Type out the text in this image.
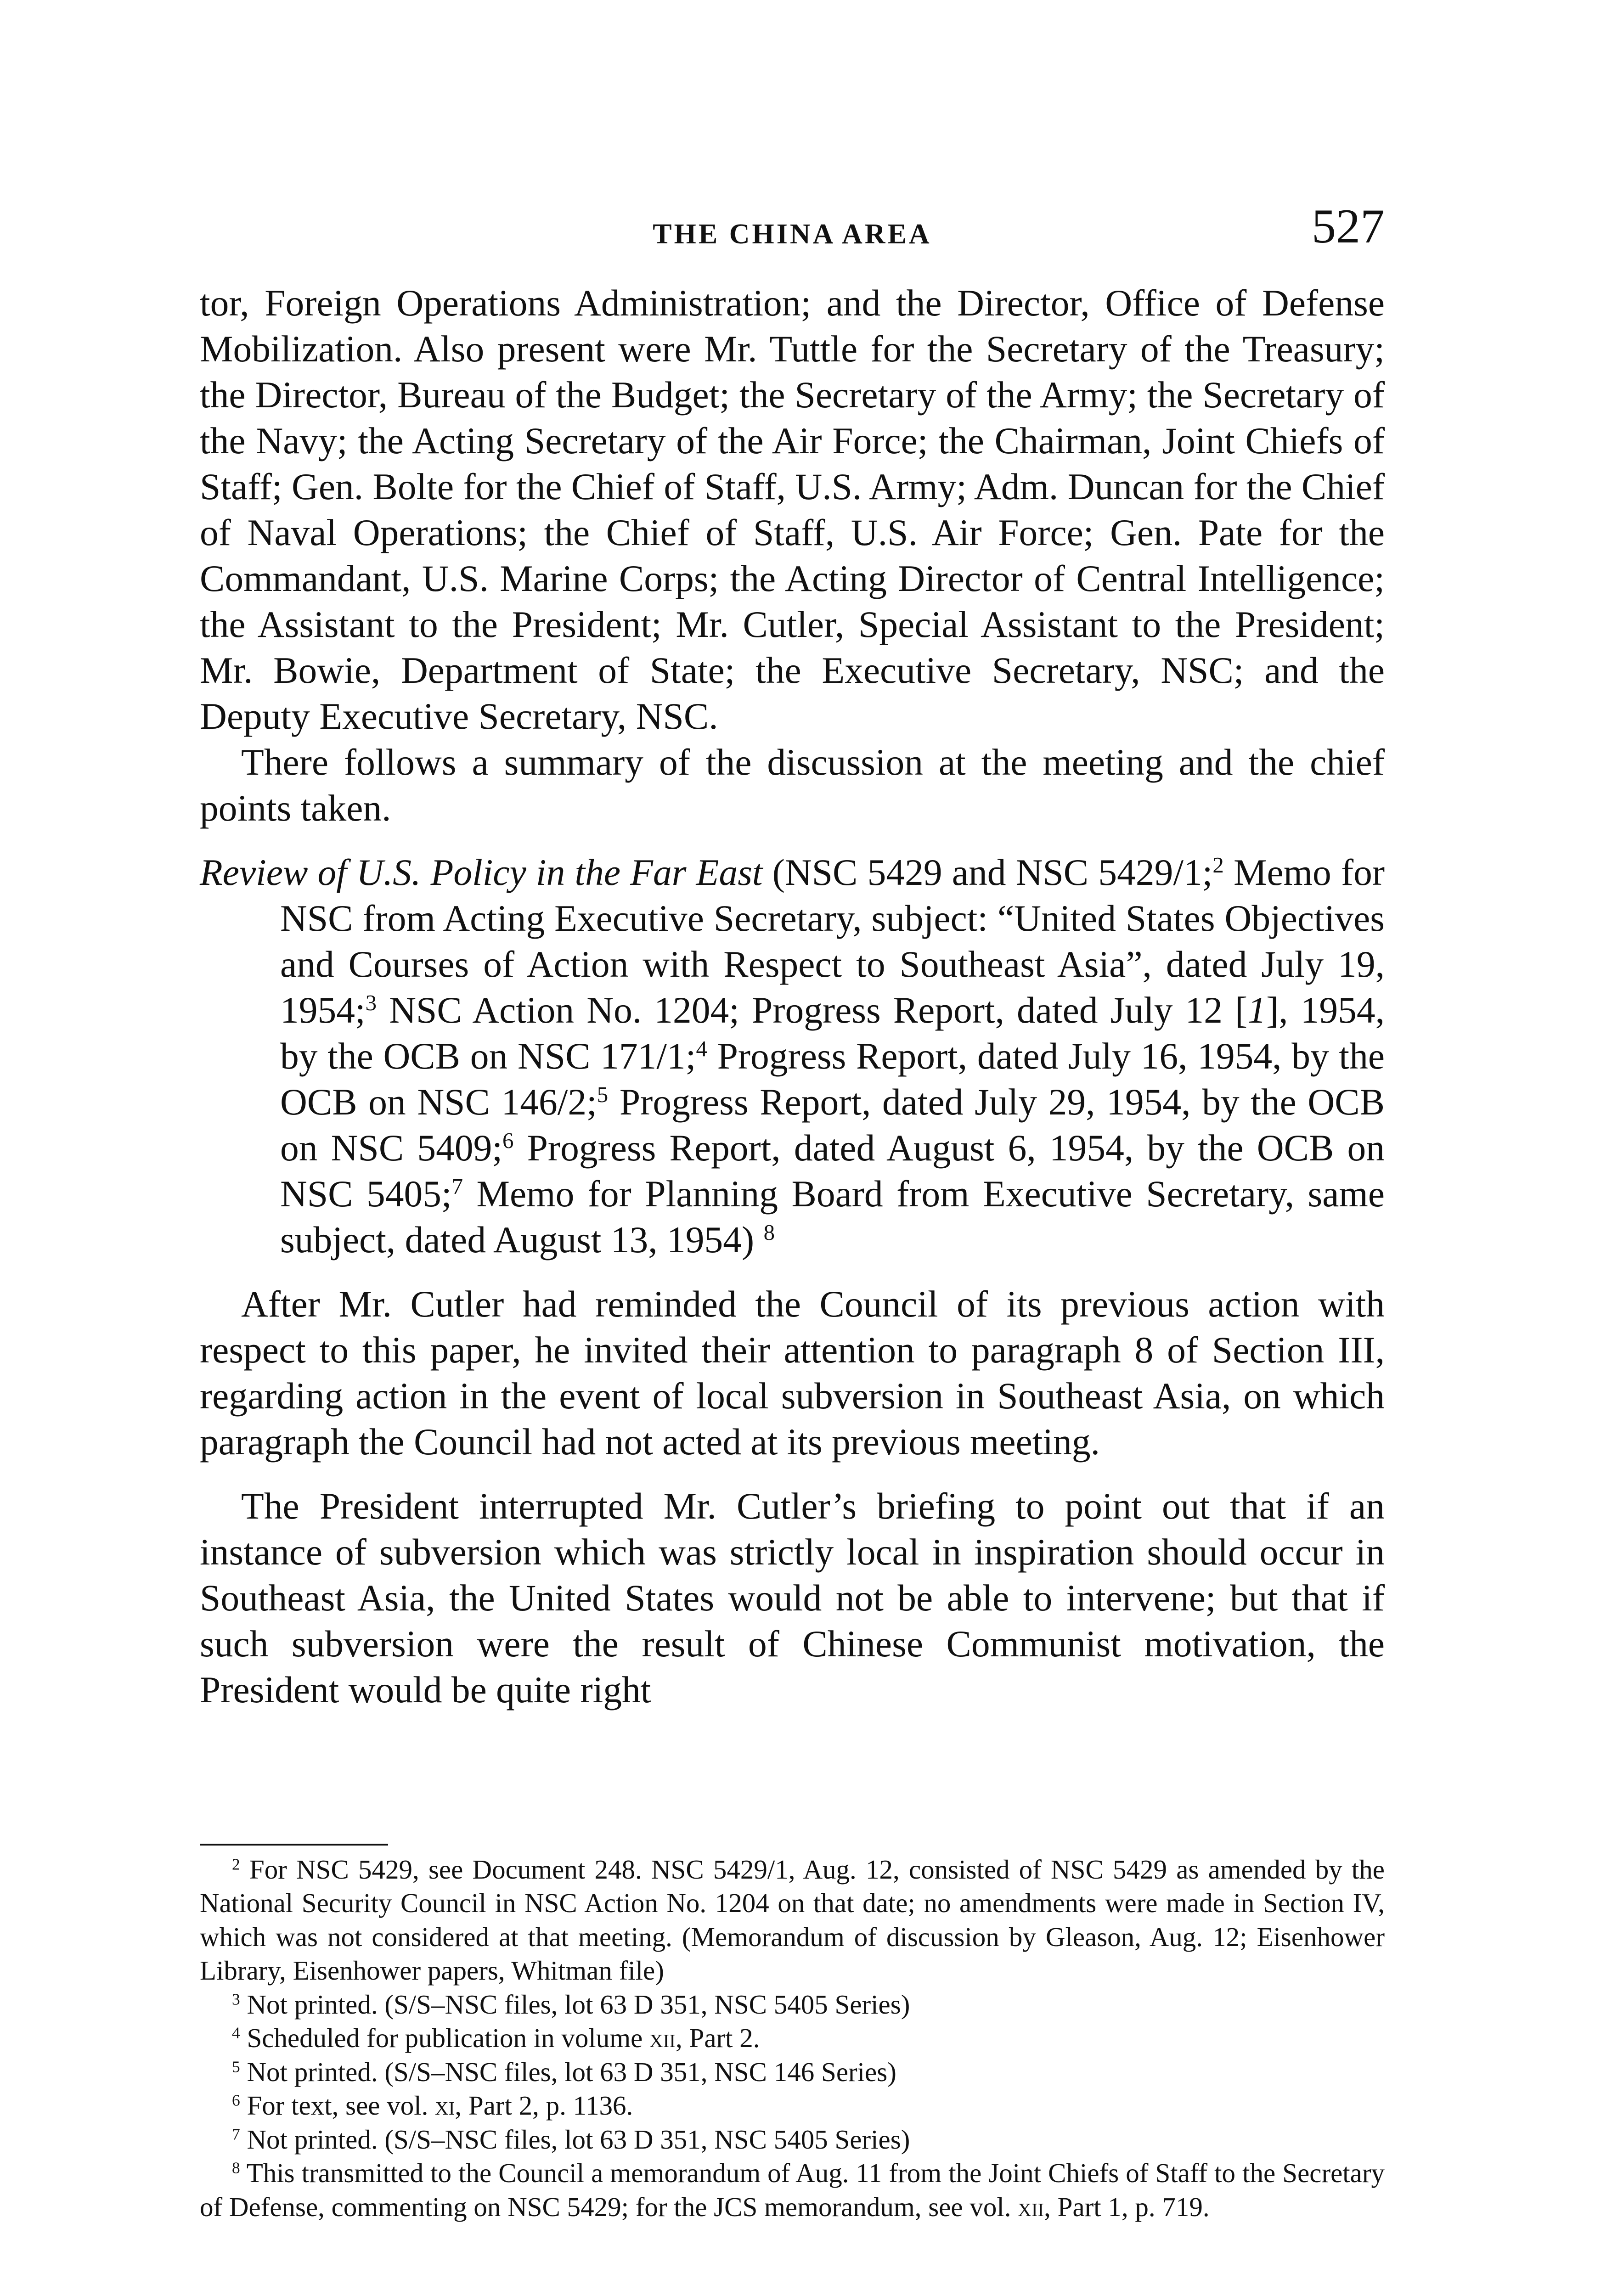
THE CHINA AREA	527

tor, Foreign Operations Administration; and the Director, Office of Defense Mobilization. Also present were Mr. Tuttle for the Secretary of the Treasury; the Director, Bureau of the Budget; the Secretary of the Army; the Secretary of the Navy; the Acting Secretary of the Air Force; the Chairman, Joint Chiefs of Staff; Gen. Bolte for the Chief of Staff, U.S. Army; Adm. Duncan for the Chief of Naval Operations; the Chief of Staff, U.S. Air Force; Gen. Pate for the Commandant, U.S. Marine Corps; the Acting Director of Central Intelligence; the Assistant to the President; Mr. Cutler, Special Assistant to the President; Mr. Bowie, Department of State; the Executive Secretary, NSC; and the Deputy Executive Secretary, NSC.

There follows a summary of the discussion at the meeting and the chief points taken.

Review of U.S. Policy in the Far East (NSC 5429 and NSC 5429/1;$^2$ Memo for NSC from Acting Executive Secretary, subject: “United States Objectives and Courses of Action with Respect to Southeast Asia”, dated July 19, 1954;$^3$ NSC Action No. 1204; Progress Report, dated July 12 [1], 1954, by the OCB on NSC 171/1;$^4$ Progress Report, dated July 16, 1954, by the OCB on NSC 146/2;$^5$ Progress Report, dated July 29, 1954, by the OCB on NSC 5409;$^6$ Progress Report, dated August 6, 1954, by the OCB on NSC 5405;$^7$ Memo for Planning Board from Executive Secretary, same subject, dated August 13, 1954) $^8$

After Mr. Cutler had reminded the Council of its previous action with respect to this paper, he invited their attention to paragraph 8 of Section III, regarding action in the event of local subversion in Southeast Asia, on which paragraph the Council had not acted at its previous meeting.

The President interrupted Mr. Cutler’s briefing to point out that if an instance of subversion which was strictly local in inspiration should occur in Southeast Asia, the United States would not be able to intervene; but that if such subversion were the result of Chinese Communist motivation, the President would be quite right

$^2$ For NSC 5429, see Document 248. NSC 5429/1, Aug. 12, consisted of NSC 5429 as amended by the National Security Council in NSC Action No. 1204 on that date; no amendments were made in Section IV, which was not considered at that meeting. (Memorandum of discussion by Gleason, Aug. 12; Eisenhower Library, Eisenhower papers, Whitman file)

$^3$ Not printed. (S/S–NSC files, lot 63 D 351, NSC 5405 Series)

$^4$ Scheduled for publication in volume xii, Part 2.

$^5$ Not printed. (S/S–NSC files, lot 63 D 351, NSC 146 Series)

$^6$ For text, see vol. xi, Part 2, p. 1136.

$^7$ Not printed. (S/S–NSC files, lot 63 D 351, NSC 5405 Series)

$^8$ This transmitted to the Council a memorandum of Aug. 11 from the Joint Chiefs of Staff to the Secretary of Defense, commenting on NSC 5429; for the JCS memorandum, see vol. xii, Part 1, p. 719.
